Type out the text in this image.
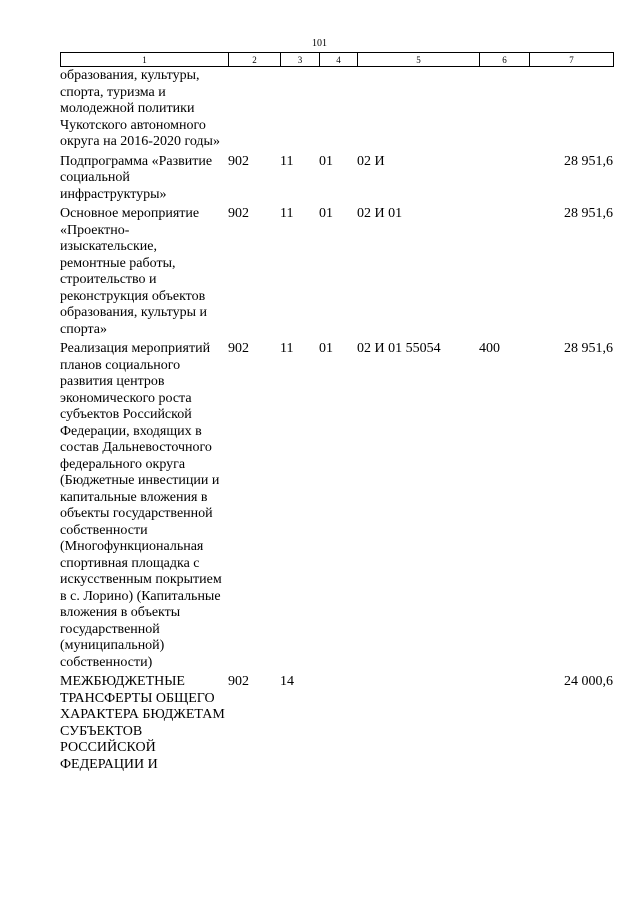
101
1	2	3	4	5	6	7
образования, культуры, спорта, туризма и молодежной политики Чукотского автономного округа на 2016-2020 годы»						
Подпрограмма «Развитие социальной инфраструктуры»	902	11	01	02 И		28 951,6
Основное мероприятие «Проектно-изыскательские, ремонтные работы, строительство и реконструкция объектов образования, культуры и спорта»	902	11	01	02 И 01		28 951,6
Реализация мероприятий планов социального развития центров экономического роста субъектов Российской Федерации, входящих в состав Дальневосточного федерального округа (Бюджетные инвестиции и капитальные вложения в объекты государственной собственности (Многофункциональная спортивная площадка с искусственным покрытием в с. Лорино) (Капитальные вложения в объекты государственной (муниципальной) собственности)	902	11	01	02 И 01 55054	400	28 951,6
МЕЖБЮДЖЕТНЫЕ ТРАНСФЕРТЫ ОБЩЕГО ХАРАКТЕРА БЮДЖЕТАМ СУБЪЕКТОВ РОССИЙСКОЙ ФЕДЕРАЦИИ И	902	14				24 000,6
